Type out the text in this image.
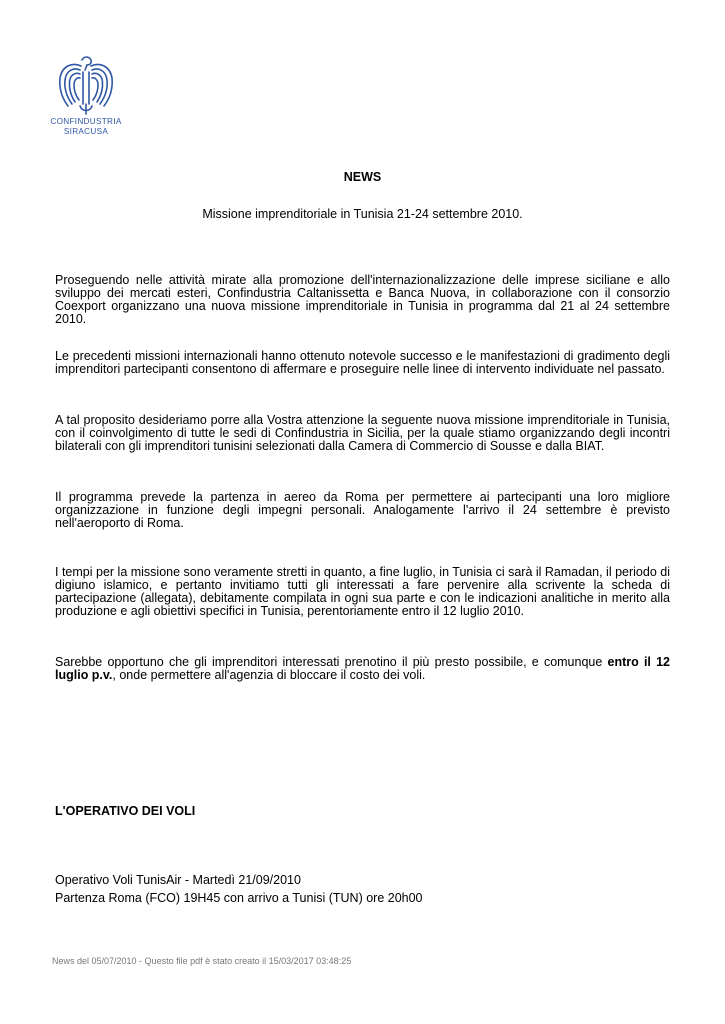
CONFINDUSTRIA
SIRACUSA
NEWS
Missione imprenditoriale in Tunisia 21-24 settembre 2010.
Proseguendo nelle attività mirate alla promozione dell'internazionalizzazione delle imprese siciliane e allo sviluppo dei mercati esteri, Confindustria Caltanissetta e Banca Nuova, in collaborazione con il consorzio Coexport organizzano una nuova missione imprenditoriale in Tunisia in programma dal 21 al 24 settembre 2010.
Le precedenti missioni internazionali hanno ottenuto notevole successo e le manifestazioni di gradimento degli imprenditori partecipanti consentono di affermare e proseguire nelle linee di intervento individuate nel passato.
A tal proposito desideriamo porre alla Vostra attenzione la seguente nuova missione imprenditoriale in Tunisia, con il coinvolgimento di tutte le sedi di Confindustria in Sicilia, per la quale stiamo organizzando degli incontri bilaterali con gli imprenditori tunisini selezionati dalla Camera di Commercio di Sousse e dalla BIAT.
Il programma prevede la partenza in aereo da Roma per permettere ai partecipanti una loro migliore organizzazione in funzione degli impegni personali. Analogamente l'arrivo il 24 settembre è previsto nell'aeroporto di Roma.
I tempi per la missione sono veramente stretti in quanto, a fine luglio, in Tunisia ci sarà il Ramadan, il periodo di digiuno islamico, e pertanto invitiamo tutti gli interessati a fare pervenire alla scrivente la scheda di partecipazione (allegata), debitamente compilata in ogni sua parte e con le indicazioni analitiche in merito alla produzione e agli obiettivi specifici in Tunisia, perentoriamente entro il 12 luglio 2010.
Sarebbe opportuno che gli imprenditori interessati prenotino il più presto possibile, e comunque entro il 12 luglio p.v., onde permettere all'agenzia di bloccare il costo dei voli.
L'OPERATIVO DEI VOLI
Operativo Voli TunisAir - Martedì 21/09/2010
Partenza Roma (FCO) 19H45 con arrivo a Tunisi (TUN) ore 20h00
News del 05/07/2010 - Questo file pdf è stato creato il 15/03/2017 03:48:25
